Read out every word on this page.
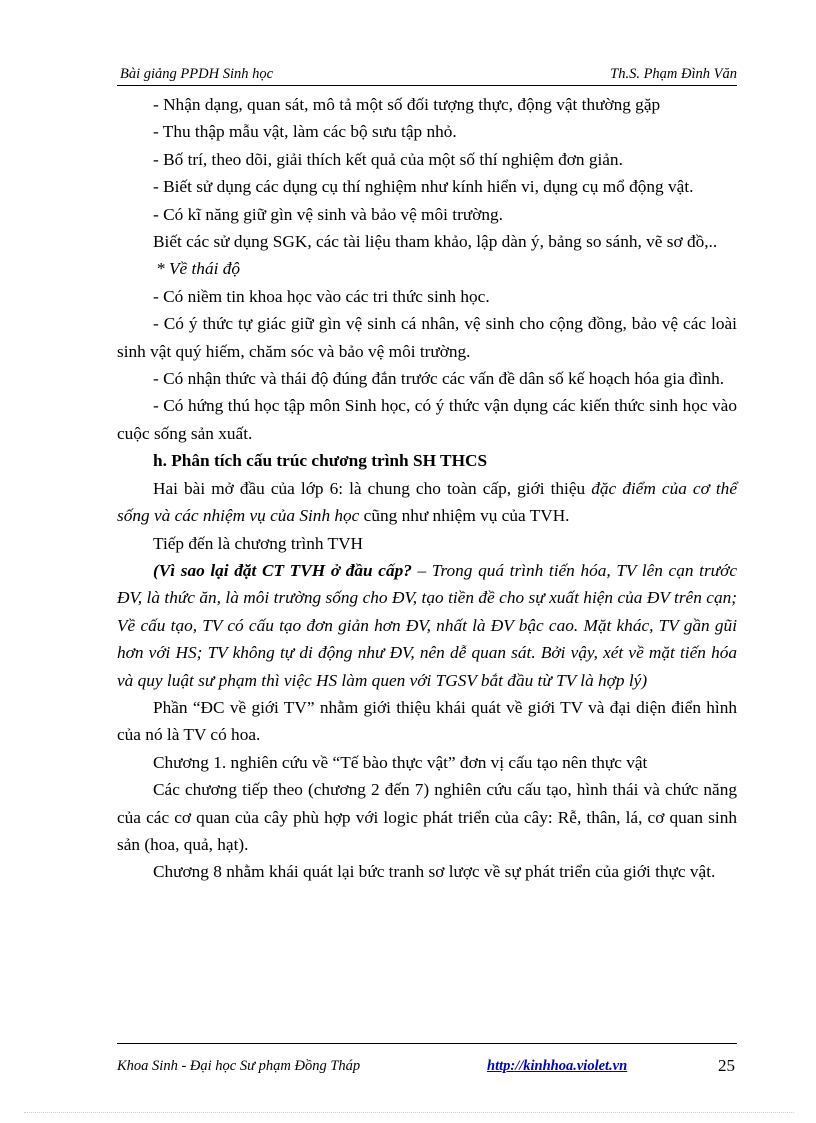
Bài giảng PPDH Sinh học	Th.S. Phạm Đình Văn

- Nhận dạng, quan sát, mô tả một số đối tượng thực, động vật thường gặp

- Thu thập mẫu vật, làm các bộ sưu tập nhỏ.

- Bố trí, theo dõi, giải thích kết quả của một số thí nghiệm đơn giản.

- Biết sử dụng các dụng cụ thí nghiệm như kính hiển vi, dụng cụ mổ động vật.

- Có kĩ năng giữ gìn vệ sinh và bảo vệ môi trường.

Biết các sử dụng SGK, các tài liệu tham khảo, lập dàn ý, bảng so sánh, vẽ sơ đồ,..

* Về thái độ

- Có niềm tin khoa học vào các tri thức sinh học.

- Có ý thức tự giác giữ gìn vệ sinh cá nhân, vệ sinh cho cộng đồng, bảo vệ các loài sinh vật quý hiếm, chăm sóc và bảo vệ môi trường.

- Có nhận thức và thái độ đúng đắn trước các vấn đề dân số kế hoạch hóa gia đình.

- Có hứng thú học tập môn Sinh học, có ý thức vận dụng các kiến thức sinh học vào cuộc sống sản xuất.

h. Phân tích cấu trúc chương trình SH THCS

Hai bài mở đầu của lớp 6: là chung cho toàn cấp, giới thiệu đặc điểm của cơ thể sống và các nhiệm vụ của Sinh học cũng như nhiệm vụ của TVH.

Tiếp đến là chương trình TVH

(Vì sao lại đặt CT TVH ở đầu cấp? – Trong quá trình tiến hóa, TV lên cạn trước ĐV, là thức ăn, là môi trường sống cho ĐV, tạo tiền đề cho sự xuất hiện của ĐV trên cạn; Về cấu tạo, TV có cấu tạo đơn giản hơn ĐV, nhất là ĐV bậc cao. Mặt khác, TV gần gũi hơn với HS; TV không tự di động như ĐV, nên dễ quan sát. Bởi vậy, xét về mặt tiến hóa và quy luật sư phạm thì việc HS làm quen với TGSV bắt đầu từ TV là hợp lý)

Phần “ĐC về giới TV” nhằm giới thiệu khái quát về giới TV và đại diện điển hình của nó là TV có hoa.

Chương 1. nghiên cứu về “Tế bào thực vật” đơn vị cấu tạo nên thực vật

Các chương tiếp theo (chương 2 đến 7) nghiên cứu cấu tạo, hình thái và chức năng của các cơ quan của cây phù hợp với logic phát triển của cây: Rễ, thân, lá, cơ quan sinh sản (hoa, quả, hạt).

Chương 8 nhằm khái quát lại bức tranh sơ lược về sự phát triển của giới thực vật.

Khoa Sinh - Đại học Sư phạm Đồng Tháp	http://kinhhoa.violet.vn	25
